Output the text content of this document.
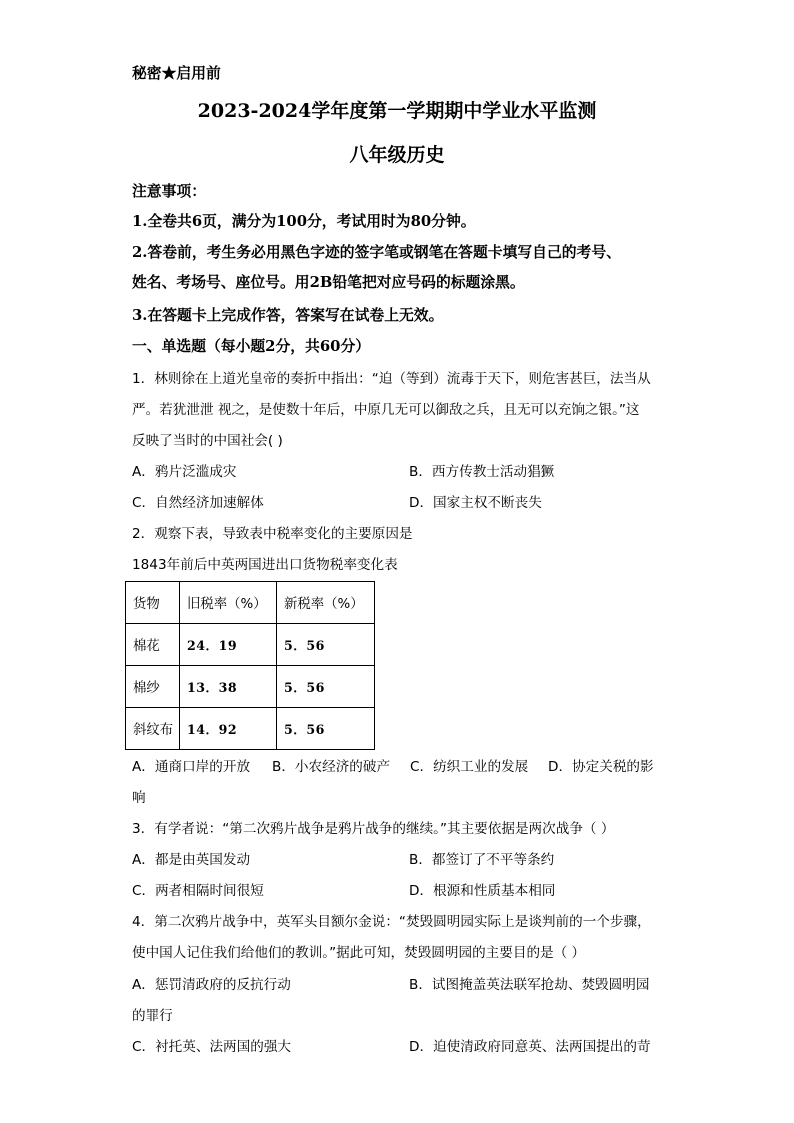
秘密★启用前
2023-2024学年度第一学期期中学业水平监测
八年级历史
注意事项：
1.全卷共6页，满分为100分，考试用时为80分钟。
2.答卷前，考生务必用黑色字迹的签字笔或钢笔在答题卡填写自己的考号、
姓名、考场号、座位号。用2B铅笔把对应号码的标题涂黑。
3.在答题卡上完成作答，答案写在试卷上无效。
一、单选题（每小题2分，共60分）
1．林则徐在上道光皇帝的奏折中指出：“迫（等到）流毒于天下，则危害甚巨，法当从
严。若犹泄泄 视之，是使数十年后，中原几无可以御敌之兵，且无可以充饷之银。”这
反映了当时的中国社会( )
A．鸦片泛滥成灾	B．西方传教士活动猖獗
C．自然经济加速解体	D．国家主权不断丧失
2．观察下表，导致表中税率变化的主要原因是
1843年前后中英两国进出口货物税率变化表
货物	旧税率（%）	新税率（%）
棉花	24．19	5．56
棉纱	13．38	5．56
斜纹布	14．92	5．56
A．通商口岸的开放 B．小农经济的破产 C．纺织工业的发展 D．协定关税的影
响
3．有学者说：“第二次鸦片战争是鸦片战争的继续。”其主要依据是两次战争（ ）
A．都是由英国发动	B．都签订了不平等条约
C．两者相隔时间很短	D．根源和性质基本相同
4．第二次鸦片战争中，英军头目额尔金说：“焚毁圆明园实际上是谈判前的一个步骤，
使中国人记住我们给他们的教训。”据此可知，焚毁圆明园的主要目的是（ ）
A．惩罚清政府的反抗行动	B．试图掩盖英法联军抢劫、焚毁圆明园
的罪行
C．衬托英、法两国的强大	D．迫使清政府同意英、法两国提出的苛
